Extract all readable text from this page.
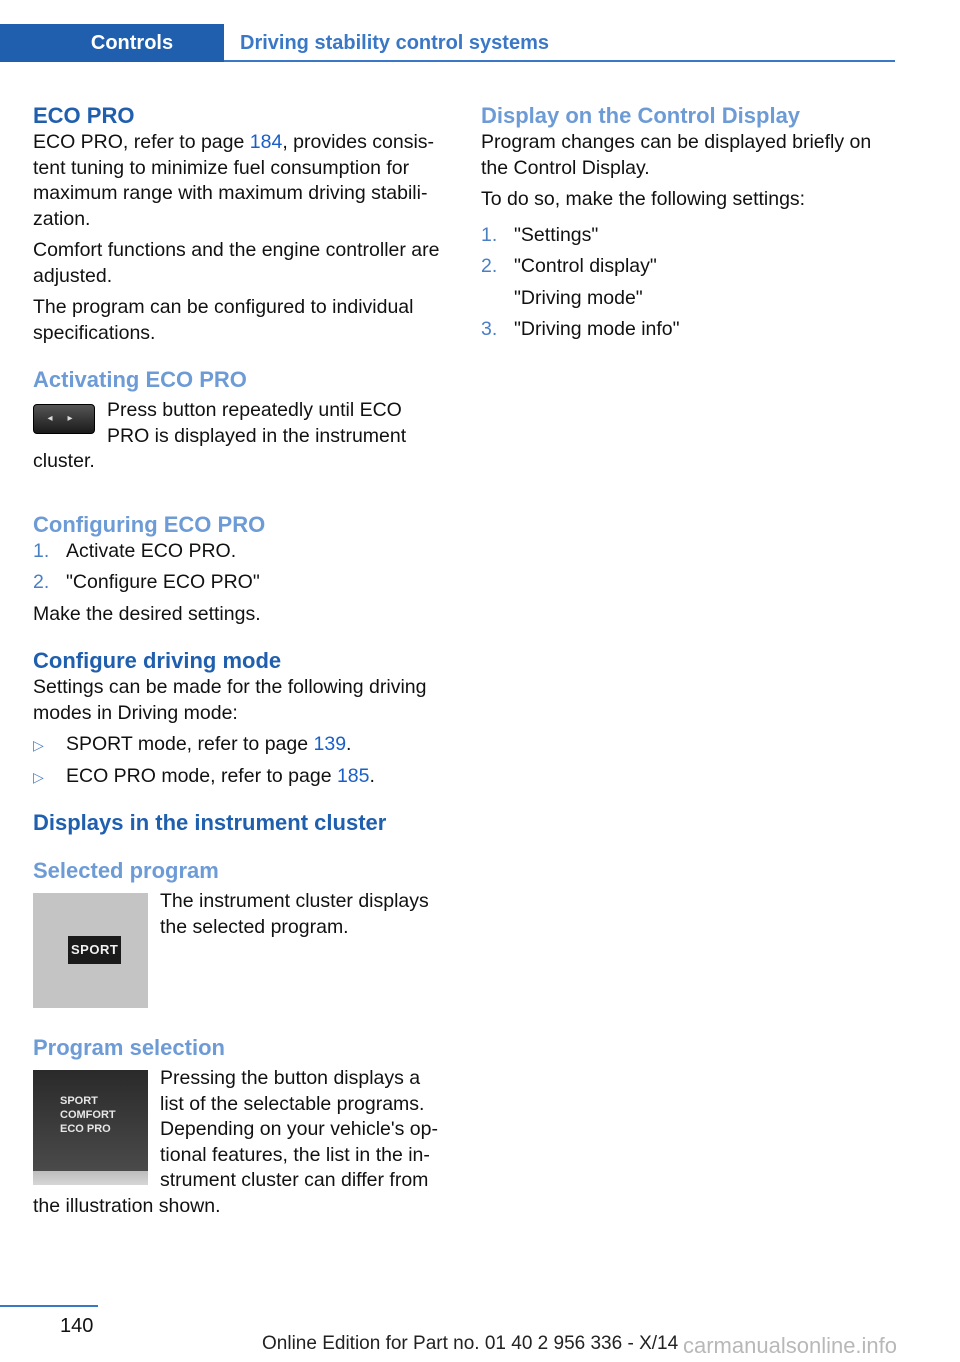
Controls	Driving stability control systems
ECO PRO

ECO PRO, refer to page 184, provides consistent tuning to minimize fuel consumption for maximum range with maximum driving stabilization.

Comfort functions and the engine controller are adjusted.

The program can be configured to individual specifications.

Activating ECO PRO
◂	▸	Press button repeatedly until ECO PRO is displayed in the instrument cluster.

Configuring ECO PRO
1. Activate ECO PRO.
2. "Configure ECO PRO"

Make the desired settings.

Configure driving mode

Settings can be made for the following driving modes in Driving mode:

▷ SPORT mode, refer to page 139.
▷ ECO PRO mode, refer to page 185.
Displays in the instrument cluster
Selected program
SPORT

The instrument cluster displays the selected program.

Program selection
SPORT
COMFORT
ECO PRO

Pressing the button displays a list of the selectable programs. Depending on your vehicle's optional features, the list in the instrument cluster can differ from the illustration shown.

Display on the Control Display

Program changes can be displayed briefly on the Control Display.

To do so, make the following settings:

1. "Settings"
2. "Control display"
"Driving mode"
3. "Driving mode info"
140
Online Edition for Part no. 01 40 2 956 336 - X/14 carmanualsonline.info
